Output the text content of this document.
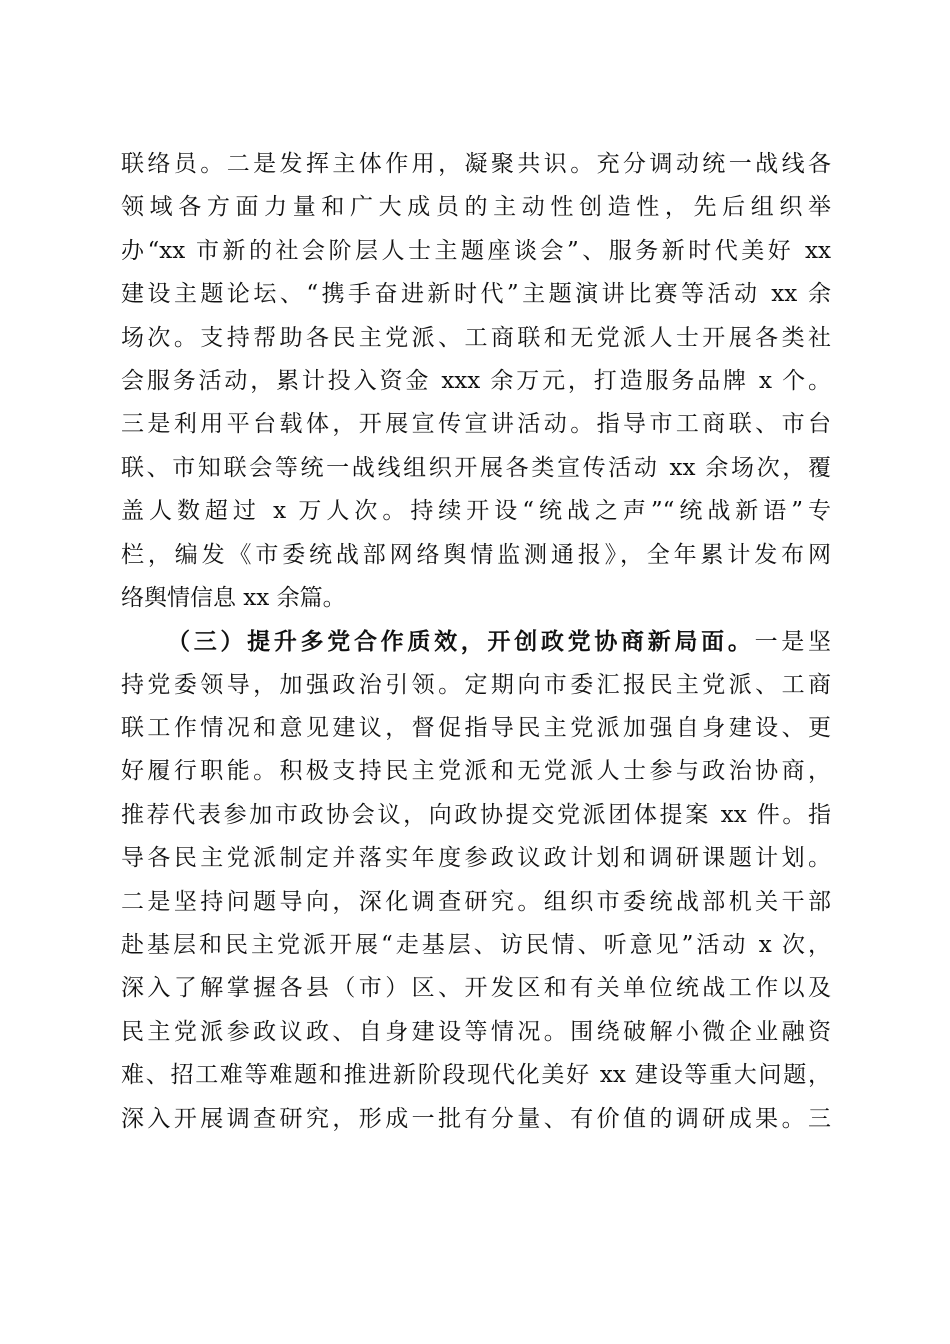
联络员。二是发挥主体作用，凝聚共识。充分调动统一战线各
领域各方面力量和广大成员的主动性创造性，先后组织举
办“xx 市新的社会阶层人士主题座谈会”、服务新时代美好 xx
建设主题论坛、“携手奋进新时代”主题演讲比赛等活动 xx 余
场次。支持帮助各民主党派、工商联和无党派人士开展各类社
会服务活动，累计投入资金 xxx 余万元，打造服务品牌 x 个。
三是利用平台载体，开展宣传宣讲活动。指导市工商联、市台
联、市知联会等统一战线组织开展各类宣传活动 xx 余场次，覆
盖人数超过 x 万人次。持续开设“统战之声”“统战新语”专
栏，编发《市委统战部网络舆情监测通报》，全年累计发布网
络舆情信息 xx 余篇。
（三）提升多党合作质效，开创政党协商新局面。一是坚
持党委领导，加强政治引领。定期向市委汇报民主党派、工商
联工作情况和意见建议，督促指导民主党派加强自身建设、更
好履行职能。积极支持民主党派和无党派人士参与政治协商，
推荐代表参加市政协会议，向政协提交党派团体提案 xx 件。指
导各民主党派制定并落实年度参政议政计划和调研课题计划。
二是坚持问题导向，深化调查研究。组织市委统战部机关干部
赴基层和民主党派开展“走基层、访民情、听意见”活动 x 次，
深入了解掌握各县（市）区、开发区和有关单位统战工作以及
民主党派参政议政、自身建设等情况。围绕破解小微企业融资
难、招工难等难题和推进新阶段现代化美好 xx 建设等重大问题，
深入开展调查研究，形成一批有分量、有价值的调研成果。三
